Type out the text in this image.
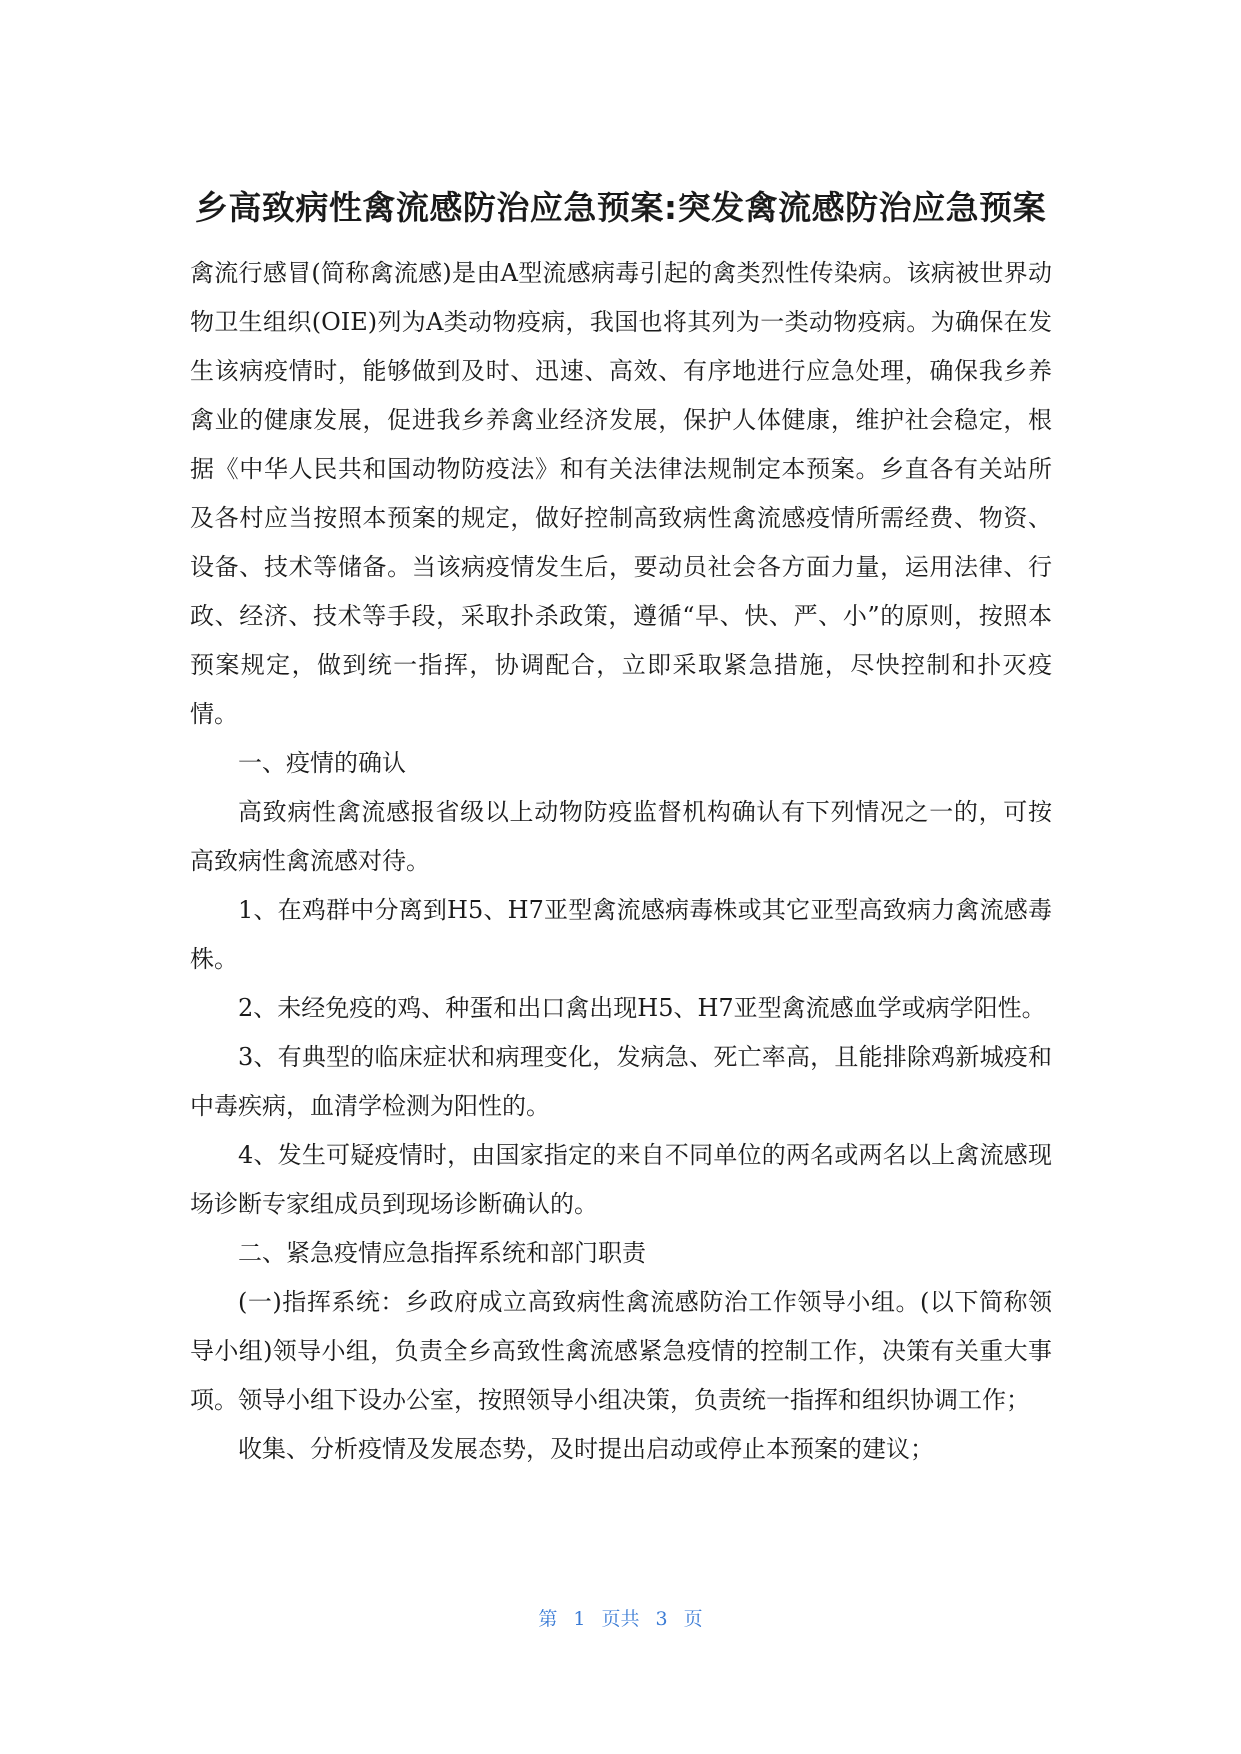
乡高致病性禽流感防治应急预案:突发禽流感防治应急预案

禽流行感冒(简称禽流感)是由A型流感病毒引起的禽类烈性传染病。该病被世界动物卫生组织(OIE)列为A类动物疫病，我国也将其列为一类动物疫病。为确保在发生该病疫情时，能够做到及时、迅速、高效、有序地进行应急处理，确保我乡养禽业的健康发展，促进我乡养禽业经济发展，保护人体健康，维护社会稳定，根据《中华人民共和国动物防疫法》和有关法律法规制定本预案。乡直各有关站所及各村应当按照本预案的规定，做好控制高致病性禽流感疫情所需经费、物资、设备、技术等储备。当该病疫情发生后，要动员社会各方面力量，运用法律、行政、经济、技术等手段，采取扑杀政策，遵循“早、快、严、小”的原则，按照本预案规定，做到统一指挥，协调配合，立即采取紧急措施，尽快控制和扑灭疫情。

一、疫情的确认

高致病性禽流感报省级以上动物防疫监督机构确认有下列情况之一的，可按高致病性禽流感对待。

1、在鸡群中分离到H5、H7亚型禽流感病毒株或其它亚型高致病力禽流感毒株。

2、未经免疫的鸡、种蛋和出口禽出现H5、H7亚型禽流感血学或病学阳性。

3、有典型的临床症状和病理变化，发病急、死亡率高，且能排除鸡新城疫和中毒疾病，血清学检测为阳性的。

4、发生可疑疫情时，由国家指定的来自不同单位的两名或两名以上禽流感现场诊断专家组成员到现场诊断确认的。

二、紧急疫情应急指挥系统和部门职责

(一)指挥系统：乡政府成立高致病性禽流感防治工作领导小组。(以下简称领导小组)领导小组，负责全乡高致性禽流感紧急疫情的控制工作，决策有关重大事项。领导小组下设办公室，按照领导小组决策，负责统一指挥和组织协调工作；

收集、分析疫情及发展态势，及时提出启动或停止本预案的建议；

第 1 页共 3 页
